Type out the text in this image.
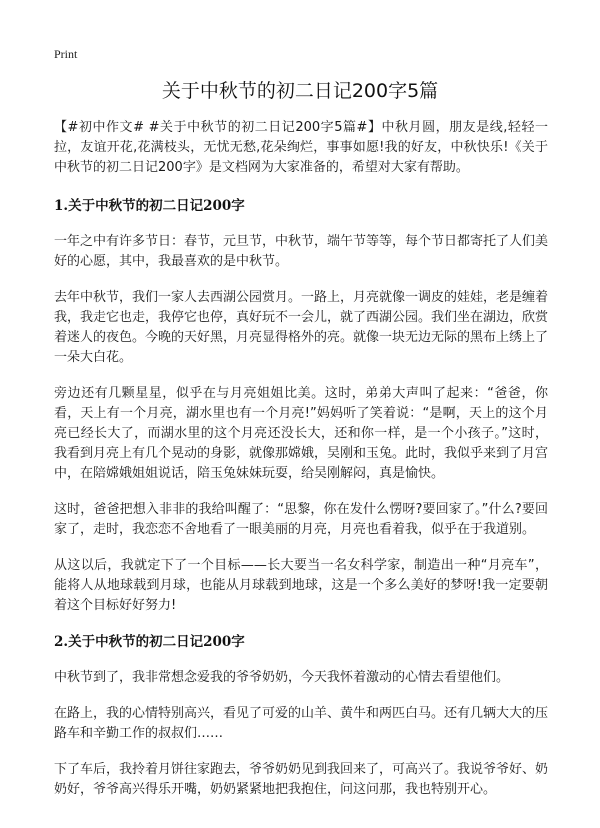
Print
关于中秋节的初二日记200字5篇

【#初中作文# #关于中秋节的初二日记200字5篇#】中秋月圆，朋友是线,轻轻一拉，友谊开花,花满枝头，无忧无愁,花朵绚烂，事事如愿!我的好友，中秋快乐!《关于中秋节的初二日记200字》是文档网为大家准备的，希望对大家有帮助。

1.关于中秋节的初二日记200字

一年之中有许多节日：春节，元旦节，中秋节，端午节等等，每个节日都寄托了人们美好的心愿，其中，我最喜欢的是中秋节。

去年中秋节，我们一家人去西湖公园赏月。一路上，月亮就像一调皮的娃娃，老是缠着我，我走它也走，我停它也停，真好玩不一会儿，就了西湖公园。我们坐在湖边，欣赏着迷人的夜色。今晚的天好黑，月亮显得格外的亮。就像一块无边无际的黑布上绣上了一朵大白花。

旁边还有几颗星星，似乎在与月亮姐姐比美。这时，弟弟大声叫了起来：“爸爸，你看，天上有一个月亮，湖水里也有一个月亮!”妈妈听了笑着说：“是啊，天上的这个月亮已经长大了，而湖水里的这个月亮还没长大，还和你一样，是一个小孩子。”这时，我看到月亮上有几个晃动的身影，就像那嫦娥，吴刚和玉兔。此时，我似乎来到了月宫中，在陪嫦娥姐姐说话，陪玉兔妹妹玩耍，给吴刚解闷，真是愉快。

这时，爸爸把想入非非的我给叫醒了：“思黎，你在发什么愣呀?要回家了。”什么?要回家了，走时，我恋恋不舍地看了一眼美丽的月亮，月亮也看着我，似乎在于我道别。

从这以后，我就定下了一个目标——长大要当一名女科学家，制造出一种“月亮车”，能将人从地球载到月球，也能从月球载到地球，这是一个多么美好的梦呀!我一定要朝着这个目标好好努力!

2.关于中秋节的初二日记200字

中秋节到了，我非常想念爱我的爷爷奶奶，今天我怀着激动的心情去看望他们。

在路上，我的心情特别高兴，看见了可爱的山羊、黄牛和两匹白马。还有几辆大大的压路车和辛勤工作的叔叔们……

下了车后，我拎着月饼往家跑去，爷爷奶奶见到我回来了，可高兴了。我说爷爷好、奶奶好，爷爷高兴得乐开嘴，奶奶紧紧地把我抱住，问这问那，我也特别开心。
